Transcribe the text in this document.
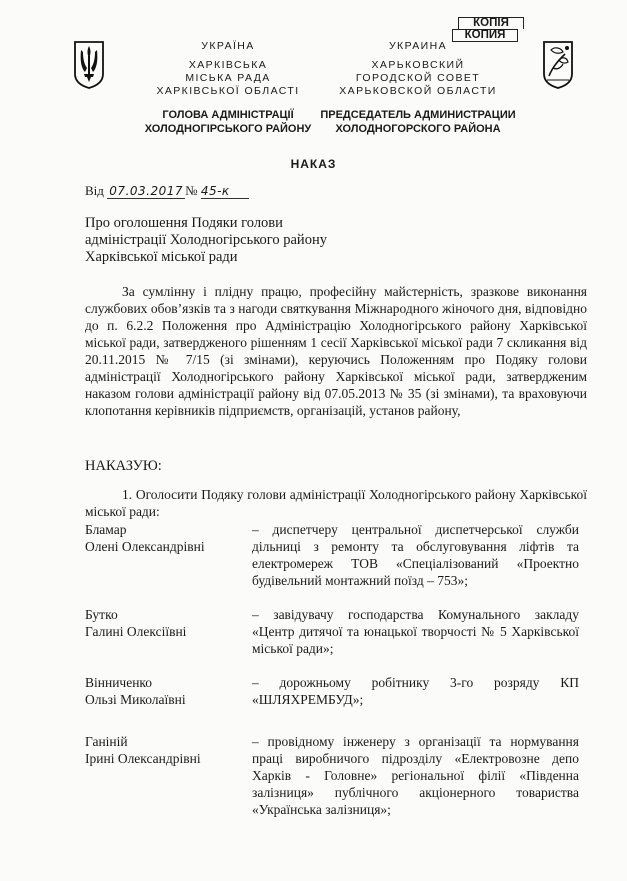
КОПІЯ
КОПИЯ
УКРАЇНА
ХАРКІВСЬКА
МІСЬКА РАДА
ХАРКІВСЬКОЇ ОБЛАСТІ
ГОЛОВА АДМІНІСТРАЦІЇ
ХОЛОДНОГІРСЬКОГО РАЙОНУ
УКРАИНА
ХАРЬКОВСКИЙ
ГОРОДСКОЙ СОВЕТ
ХАРЬКОВСКОЙ ОБЛАСТИ
ПРЕДСЕДАТЕЛЬ АДМИНИСТРАЦИИ
ХОЛОДНОГОРСКОГО РАЙОНА
НАКАЗ
Від 07.03.2017 № 45-к
Про оголошення Подяки голови
адміністрації Холодногірського району
Харківської міської ради
За сумлінну і плідну працю, професійну майстерність, зразкове виконання службових обов’язків та з нагоди святкування Міжнародного жіночого дня, відповідно до п. 6.2.2 Положення про Адміністрацію Холодногірського району Харківської міської ради, затвердженого рішенням 1 сесії Харківської міської ради 7 скликання від 20.11.2015 № 7/15 (зі змінами), керуючись Положенням про Подяку голови адміністрації Холодногірського району Харківської міської ради, затвердженим наказом голови адміністрації району від 07.05.2013 № 35 (зі змінами), та враховуючи клопотання керівників підприємств, організацій, установ району,
НАКАЗУЮ:
1. Оголосити Подяку голови адміністрації Холодногірського району Харківської міської ради:
Бламар
Олені Олександрівні
– диспетчеру центральної диспетчерської служби дільниці з ремонту та обслуговування ліфтів та електромереж ТОВ «Спеціалізований «Проектно будівельний монтажний поїзд – 753»;
Бутко
Галині Олексіївні
– завідувачу господарства Комунального закладу «Центр дитячої та юнацької творчості № 5 Харківської міської ради»;
Вінниченко
Ользі Миколаївні
– дорожньому робітнику 3-го розряду КП «ШЛЯХРЕМБУД»;
Ганіній
Ірині Олександрівні
– провідному інженеру з організації та нормування праці виробничого підрозділу «Електровозне депо Харків - Головне» регіональної філії «Південна залізниця» публічного акціонерного товариства «Українська залізниця»;
